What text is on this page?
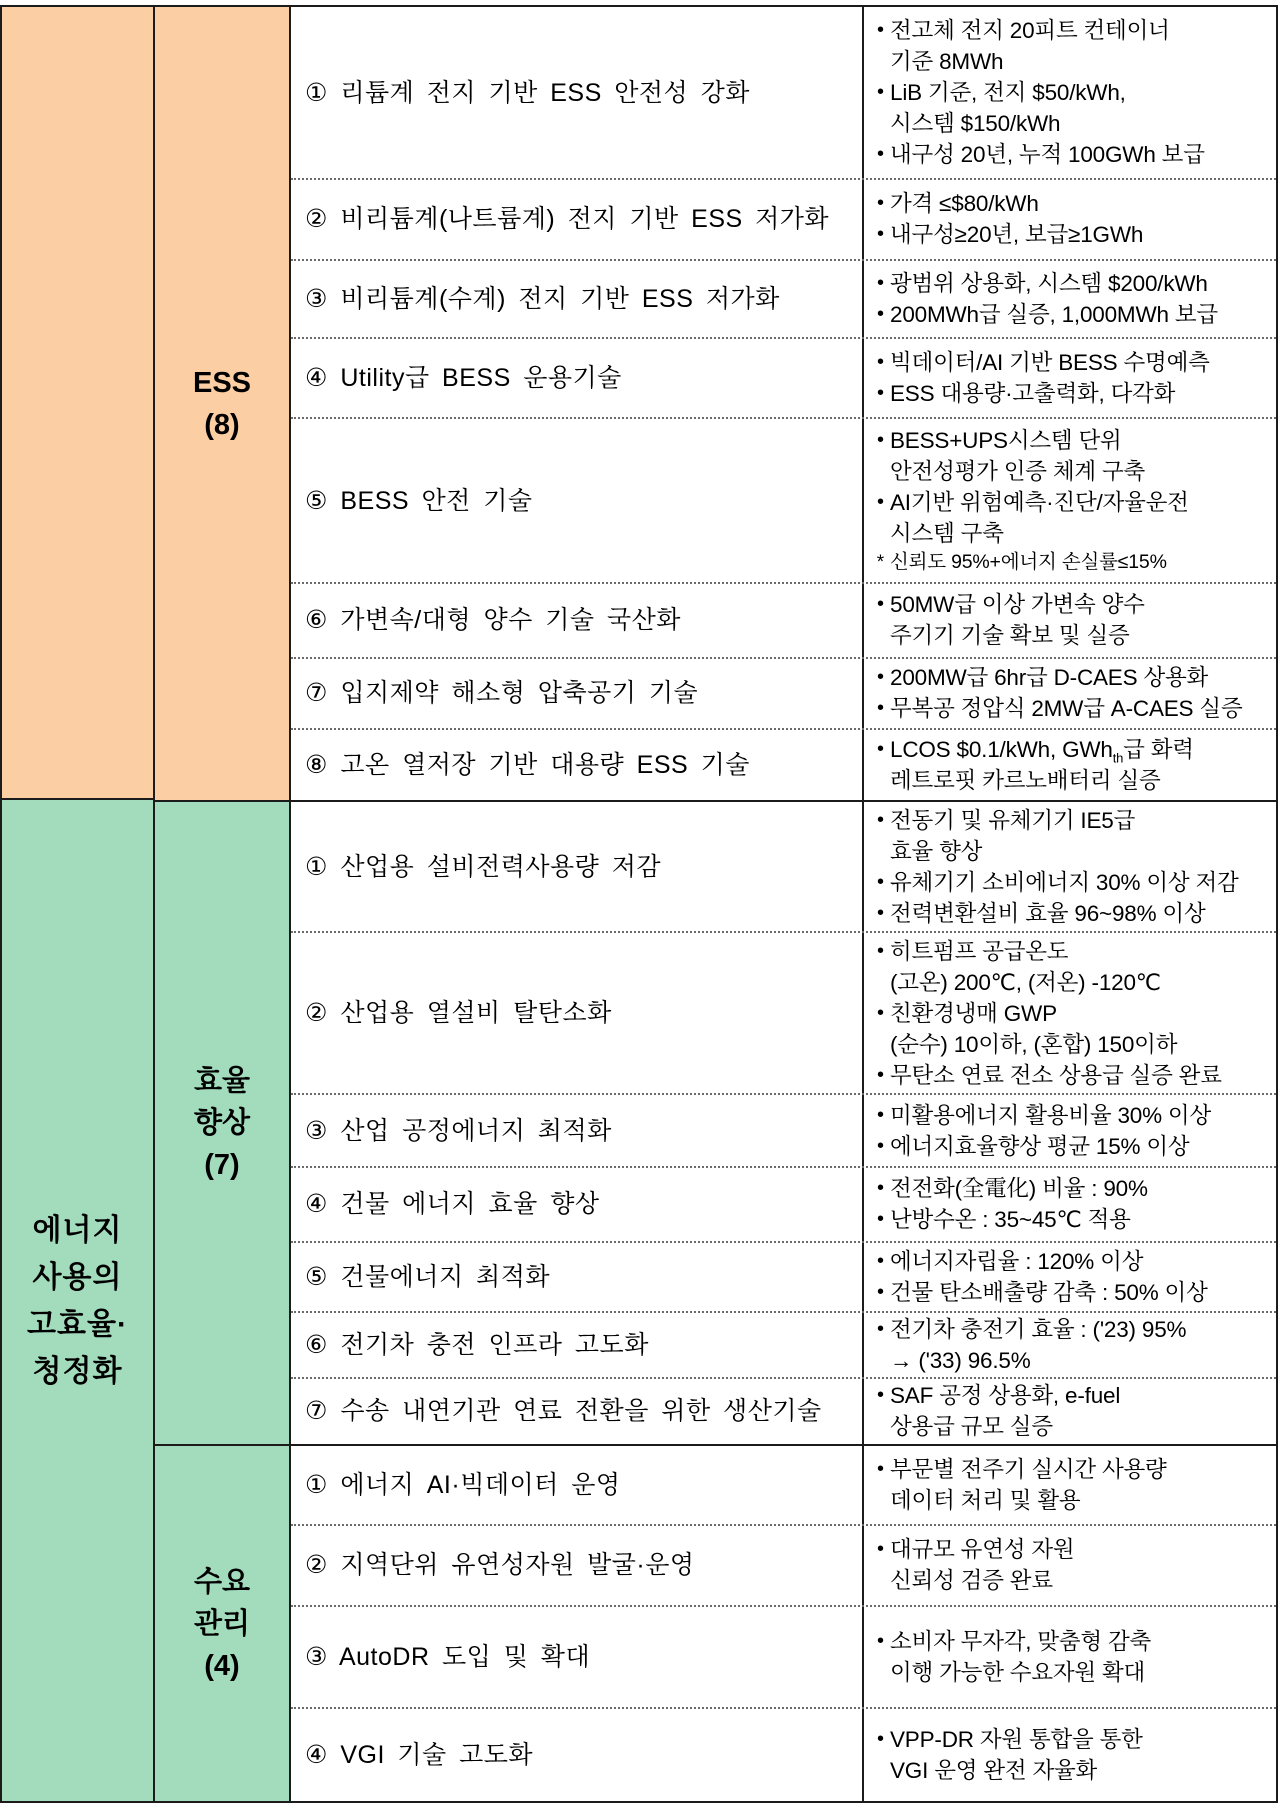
에너지
사용의
고효율·
청정화
ESS
(8)
① 리튬계 전지 기반 ESS 안전성 강화
• 전고체 전지 20피트 컨테이너
기준 8MWh
• LiB 기준, 전지 $50/kWh,
시스템 $150/kWh
• 내구성 20년, 누적 100GWh 보급
② 비리튬계(나트륨계) 전지 기반 ESS 저가화
• 가격 ≤$80/kWh
• 내구성≥20년, 보급≥1GWh
③ 비리튬계(수계) 전지 기반 ESS 저가화
• 광범위 상용화, 시스템 $200/kWh
• 200MWh급 실증, 1,000MWh 보급
④ Utility급 BESS 운용기술
• 빅데이터/AI 기반 BESS 수명예측
• ESS 대용량·고출력화, 다각화
⑤ BESS 안전 기술
• BESS+UPS시스템 단위
안전성평가 인증 체계 구축
• AI기반 위험예측·진단/자율운전
시스템 구축
* 신뢰도 95%+에너지 손실률≤15%
⑥ 가변속/대형 양수 기술 국산화
• 50MW급 이상 가변속 양수
주기기 기술 확보 및 실증
⑦ 입지제약 해소형 압축공기 기술
• 200MW급 6hr급 D-CAES 상용화
• 무복공 정압식 2MW급 A-CAES 실증
⑧ 고온 열저장 기반 대용량 ESS 기술
• LCOS $0.1/kWh, GWh$_{th}$급 화력
레트로핏 카르노배터리 실증
효율
향상
(7)
① 산업용 설비전력사용량 저감
• 전동기 및 유체기기 IE5급
효율 향상
• 유체기기 소비에너지 30% 이상 저감
• 전력변환설비 효율 96~98% 이상
② 산업용 열설비 탈탄소화
• 히트펌프 공급온도
(고온) 200℃, (저온) -120℃
• 친환경냉매 GWP
(순수) 10이하, (혼합) 150이하
• 무탄소 연료 전소 상용급 실증 완료
③ 산업 공정에너지 최적화
• 미활용에너지 활용비율 30% 이상
• 에너지효율향상 평균 15% 이상
④ 건물 에너지 효율 향상
• 전전화(全電化) 비율 : 90%
• 난방수온 : 35~45℃ 적용
⑤ 건물에너지 최적화
• 에너지자립율 : 120% 이상
• 건물 탄소배출량 감축 : 50% 이상
⑥ 전기차 충전 인프라 고도화
• 전기차 충전기 효율 : ('23) 95%
→ ('33) 96.5%
⑦ 수송 내연기관 연료 전환을 위한 생산기술
• SAF 공정 상용화, e-fuel
상용급 규모 실증
수요
관리
(4)
① 에너지 AI·빅데이터 운영
• 부문별 전주기 실시간 사용량
데이터 처리 및 활용
② 지역단위 유연성자원 발굴·운영
• 대규모 유연성 자원
신뢰성 검증 완료
③ AutoDR 도입 및 확대
• 소비자 무자각, 맞춤형 감축
이행 가능한 수요자원 확대
④ VGI 기술 고도화
• VPP-DR 자원 통합을 통한
VGI 운영 완전 자율화
